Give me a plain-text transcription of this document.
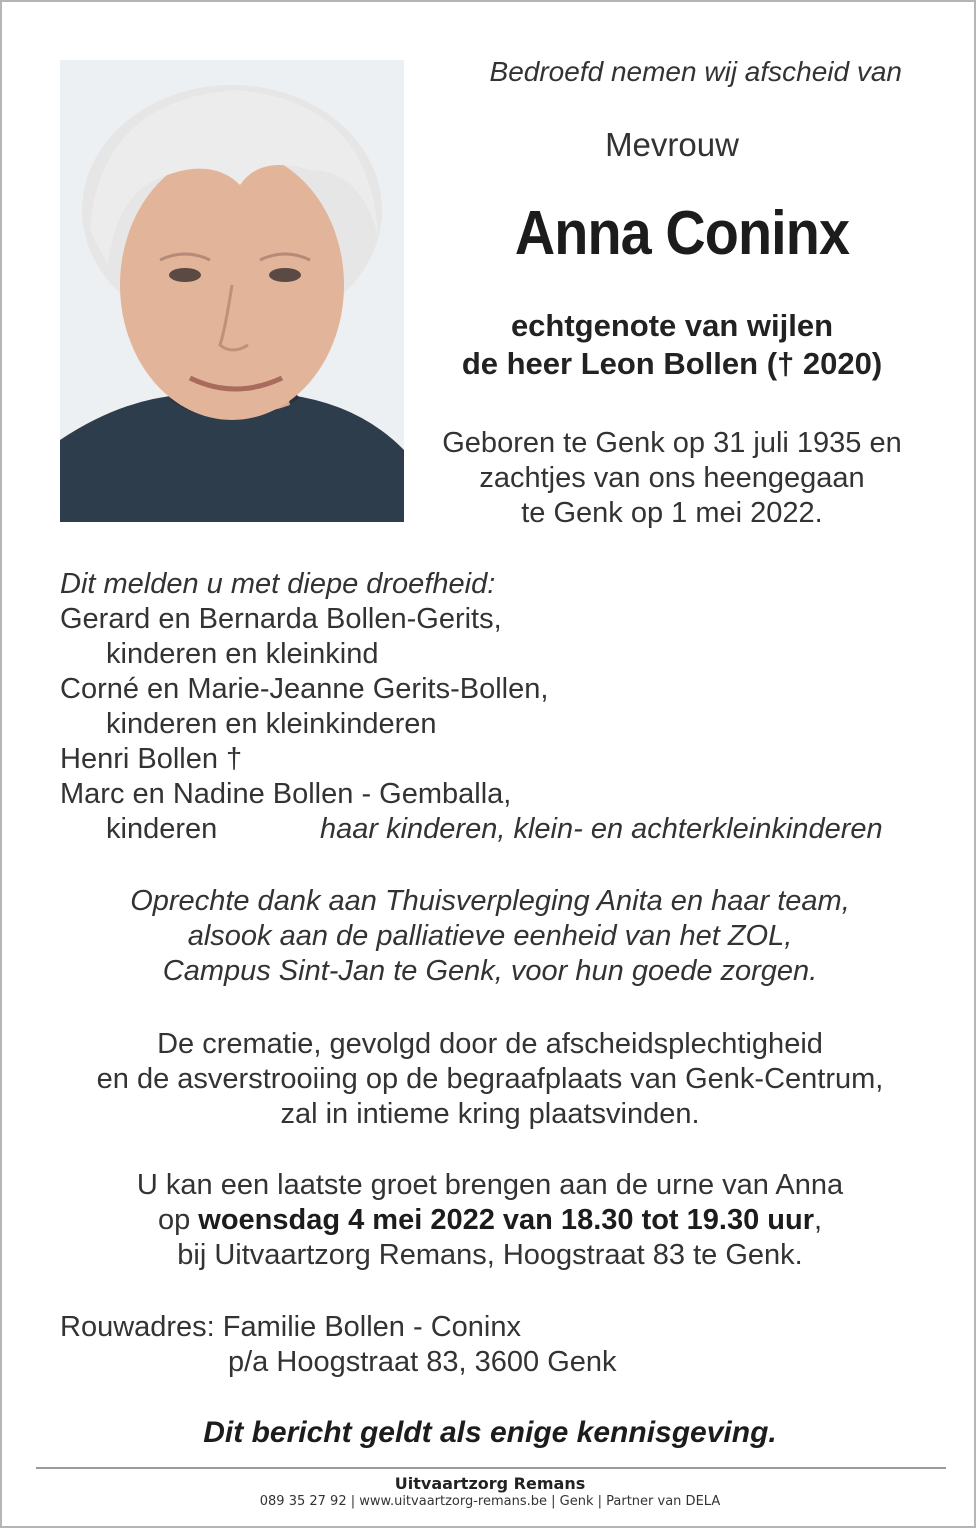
Bedroefd nemen wij afscheid van
Mevrouw
Anna Coninx
echtgenote van wijlen
de heer Leon Bollen († 2020)
Geboren te Genk op 31 juli 1935 en
zachtjes van ons heengegaan
te Genk op 1 mei 2022.
Dit melden u met diepe droefheid:
Gerard en Bernarda Bollen-Gerits,
kinderen en kleinkind
Corné en Marie-Jeanne Gerits-Bollen,
kinderen en kleinkinderen
Henri Bollen †
Marc en Nadine Bollen - Gemballa,
kinderen	haar kinderen, klein- en achterkleinkinderen
Oprechte dank aan Thuisverpleging Anita en haar team,
alsook aan de palliatieve eenheid van het ZOL,
Campus Sint-Jan te Genk, voor hun goede zorgen.
De crematie, gevolgd door de afscheidsplechtigheid
en de asverstrooiing op de begraafplaats van Genk-Centrum,
zal in intieme kring plaatsvinden.
U kan een laatste groet brengen aan de urne van Anna
op woensdag 4 mei 2022 van 18.30 tot 19.30 uur,
bij Uitvaartzorg Remans, Hoogstraat 83 te Genk.
Rouwadres: Familie Bollen - Coninx
p/a Hoogstraat 83, 3600 Genk
Dit bericht geldt als enige kennisgeving.
Uitvaartzorg Remans
089 35 27 92 | www.uitvaartzorg-remans.be | Genk | Partner van DELA
